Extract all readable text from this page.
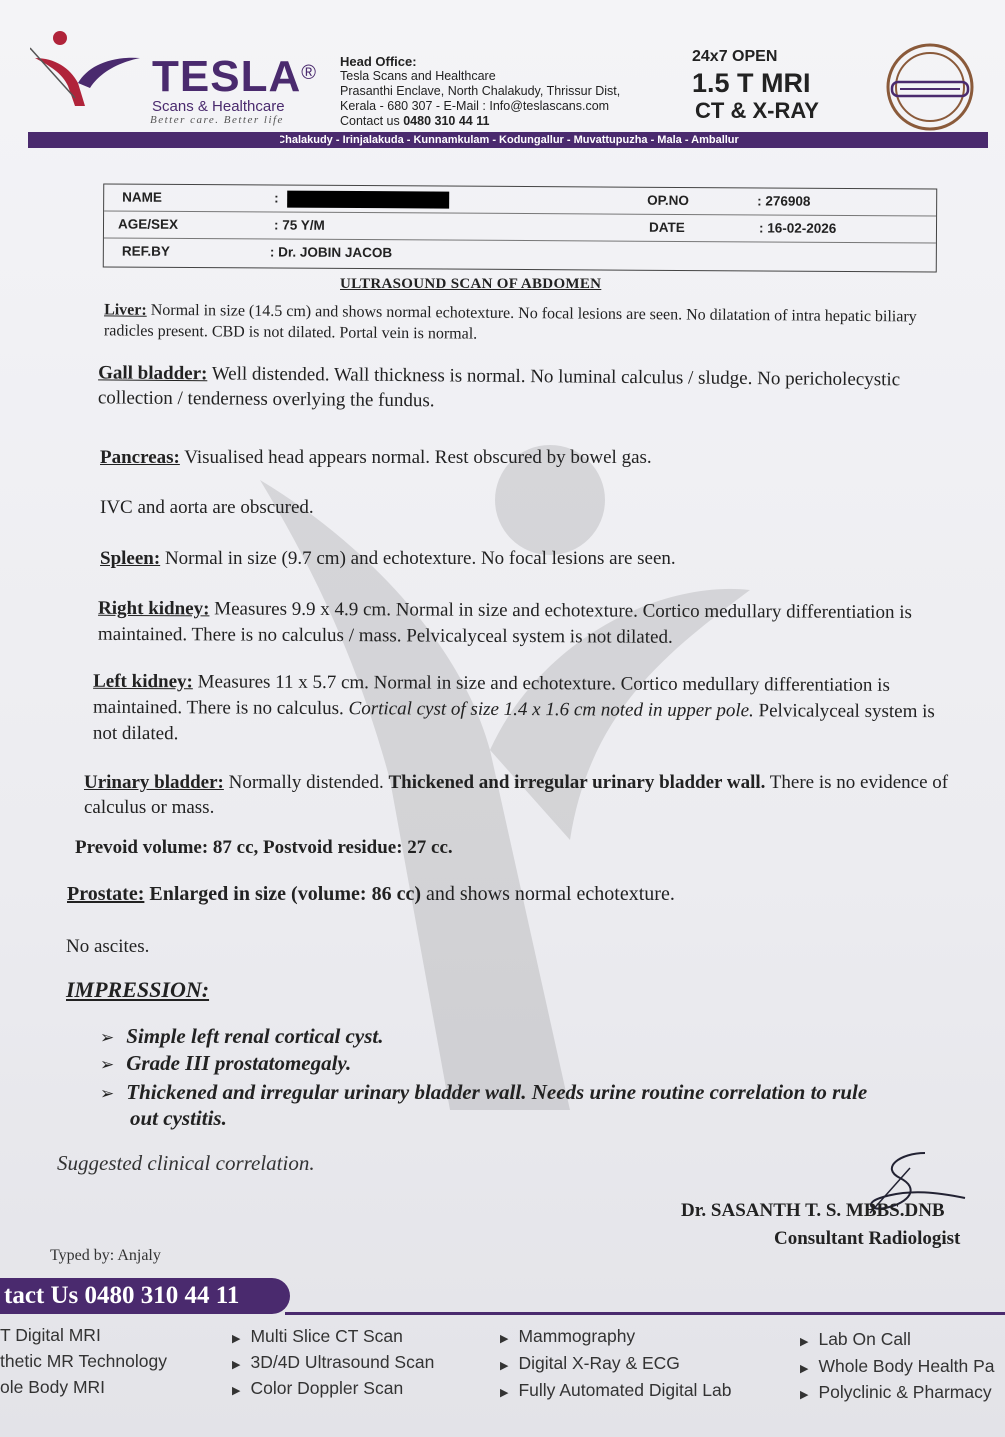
TESLA®
Scans & Healthcare
Better care. Better life
Head Office:
Tesla Scans and Healthcare
Prasanthi Enclave, North Chalakudy, Thrissur Dist,
Kerala - 680 307 - E-Mail : Info@teslascans.com
Contact us 0480 310 44 11
24x7 OPEN
1.5 T MRI
CT & X-RAY
Chalakudy - Irinjalakuda - Kunnamkulam - Kodungallur - Muvattupuzha - Mala - Amballur
NAME	:	OP.NO	: 276908
AGE/SEX	: 75 Y/M	DATE	: 16-02-2026
REF.BY	: Dr. JOBIN JACOB
ULTRASOUND SCAN OF ABDOMEN
Liver: Normal in size (14.5 cm) and shows normal echotexture. No focal lesions are seen. No dilatation of intra hepatic biliary radicles present. CBD is not dilated. Portal vein is normal.
Gall bladder: Well distended. Wall thickness is normal. No luminal calculus / sludge. No pericholecystic collection / tenderness overlying the fundus.
Pancreas: Visualised head appears normal. Rest obscured by bowel gas.
IVC and aorta are obscured.
Spleen: Normal in size (9.7 cm) and echotexture. No focal lesions are seen.
Right kidney: Measures 9.9 x 4.9 cm. Normal in size and echotexture. Cortico medullary differentiation is maintained. There is no calculus / mass. Pelvicalyceal system is not dilated.
Left kidney: Measures 11 x 5.7 cm. Normal in size and echotexture. Cortico medullary differentiation is maintained. There is no calculus. Cortical cyst of size 1.4 x 1.6 cm noted in upper pole. Pelvicalyceal system is not dilated.
Urinary bladder: Normally distended. Thickened and irregular urinary bladder wall. There is no evidence of calculus or mass.
Prevoid volume: 87 cc, Postvoid residue: 27 cc.
Prostate: Enlarged in size (volume: 86 cc) and shows normal echotexture.
No ascites.
IMPRESSION:
➢ Simple left renal cortical cyst.
➢ Grade III prostatomegaly.
➢ Thickened and irregular urinary bladder wall. Needs urine routine correlation to rule
out cystitis.
Suggested clinical correlation.
Dr. SASANTH T. S. MBBS.DNB
Consultant Radiologist
Typed by: Anjaly
tact Us 0480 310 44 11
T Digital MRI
thetic MR Technology
ole Body MRI
▶ Multi Slice CT Scan
▶ 3D/4D Ultrasound Scan
▶ Color Doppler Scan
▶ Mammography
▶ Digital X-Ray & ECG
▶ Fully Automated Digital Lab
▶ Lab On Call
▶ Whole Body Health Pa
▶ Polyclinic & Pharmacy
